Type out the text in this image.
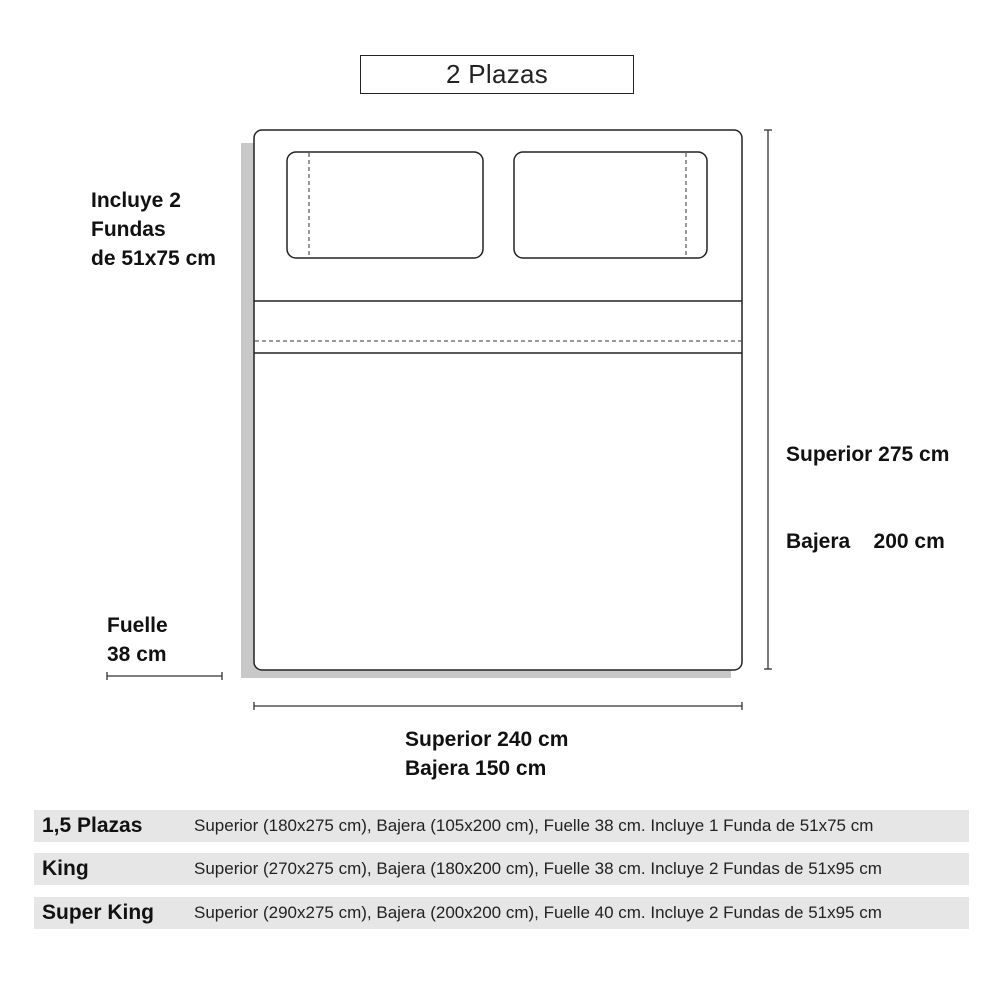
2 Plazas
Incluye 2
Fundas
de 51x75 cm

Superior 275 cm

Bajera    200 cm

Fuelle
38 cm
Superior 240 cm
Bajera 150 cm
1,5 Plazas	Superior (180x275 cm), Bajera (105x200 cm), Fuelle 38 cm. Incluye 1 Funda de 51x75 cm
King	Superior (270x275 cm), Bajera (180x200 cm), Fuelle 38 cm. Incluye 2 Fundas de 51x95 cm
Super King	Superior (290x275 cm), Bajera (200x200 cm), Fuelle 40 cm. Incluye 2 Fundas de 51x95 cm
